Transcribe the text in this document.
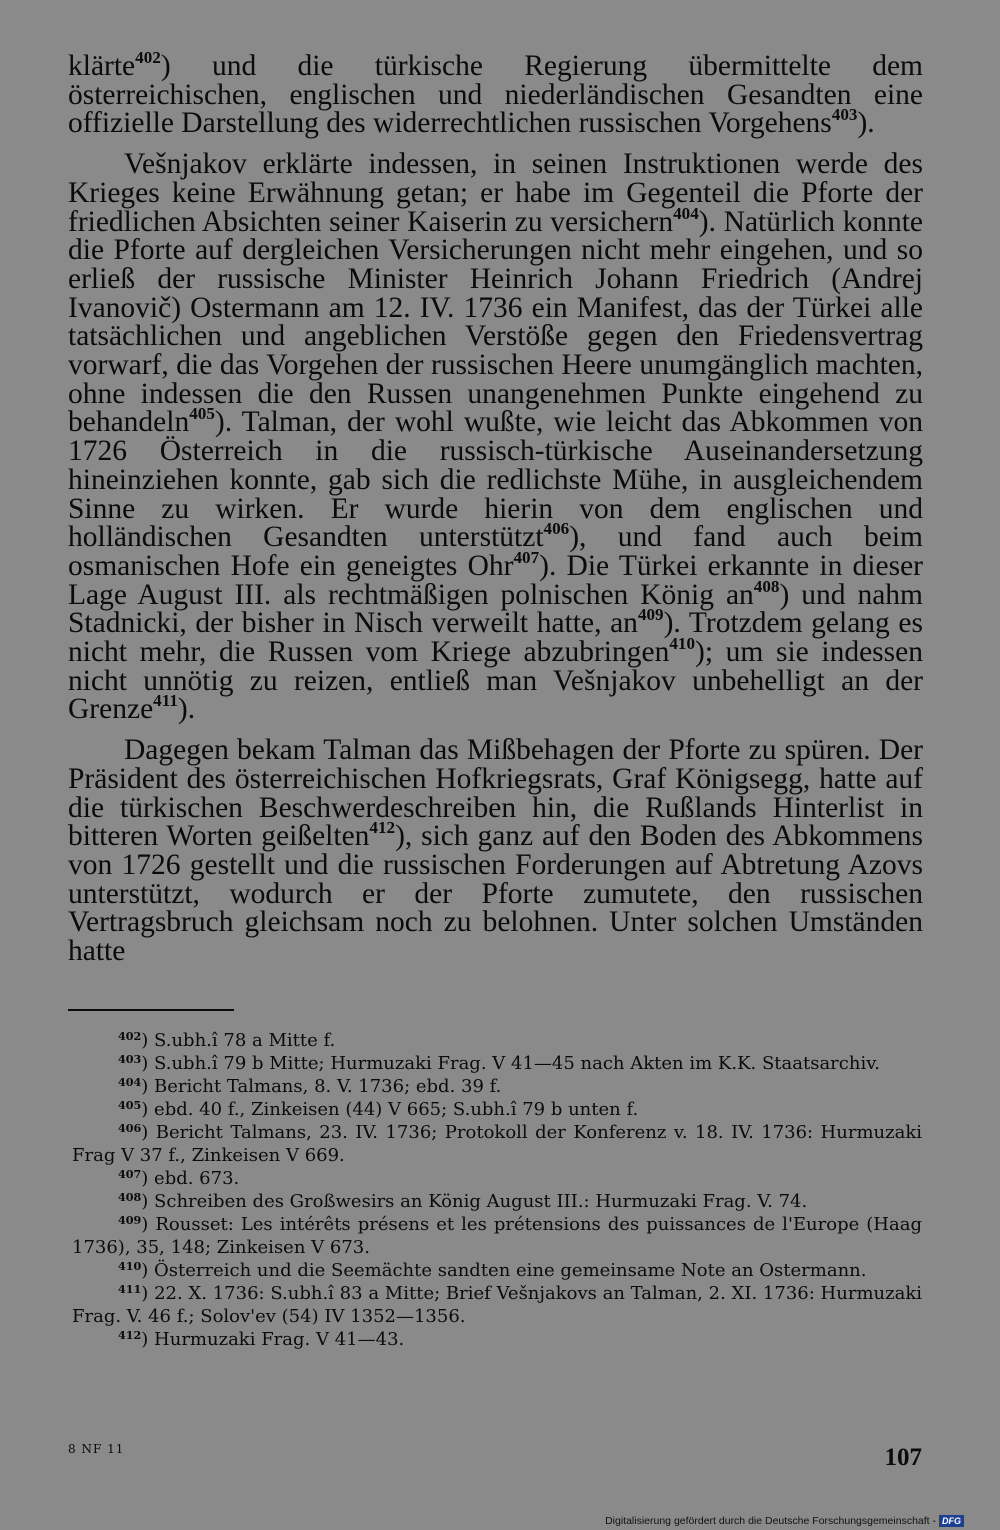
klärte$^{402}$) und die türkische Regierung übermittelte dem österreichischen, englischen und niederländischen Gesandten eine offizielle Darstellung des widerrechtlichen russischen Vorgehens$^{403}$).

Vešnjakov erklärte indessen, in seinen Instruktionen werde des Krieges keine Erwähnung getan; er habe im Gegenteil die Pforte der friedlichen Absichten seiner Kaiserin zu versichern$^{404}$). Natürlich konnte die Pforte auf dergleichen Versicherungen nicht mehr eingehen, und so erließ der russische Minister Heinrich Johann Friedrich (Andrej Ivanovič) Ostermann am 12. IV. 1736 ein Manifest, das der Türkei alle tatsächlichen und angeblichen Verstöße gegen den Friedensvertrag vorwarf, die das Vorgehen der russischen Heere unumgänglich machten, ohne indessen die den Russen unangenehmen Punkte eingehend zu behandeln$^{405}$). Talman, der wohl wußte, wie leicht das Abkommen von 1726 Österreich in die russisch-türkische Auseinandersetzung hineinziehen konnte, gab sich die redlichste Mühe, in ausgleichendem Sinne zu wirken. Er wurde hierin von dem englischen und holländischen Gesandten unterstützt$^{406}$), und fand auch beim osmanischen Hofe ein geneigtes Ohr$^{407}$). Die Türkei erkannte in dieser Lage August III. als rechtmäßigen polnischen König $an^{408}$) und nahm Stadnicki, der bisher in Nisch verweilt hatte, $an^{409}$). Trotzdem gelang es nicht mehr, die Russen vom Kriege abzubringen$^{410}$); um sie indessen nicht unnötig zu reizen, entließ man Vešnjakov unbehelligt an der Grenze$^{411}$).

Dagegen bekam Talman das Mißbehagen der Pforte zu spüren. Der Präsident des österreichischen Hofkriegsrats, Graf Königsegg, hatte auf die türkischen Beschwerdeschreiben hin, die Rußlands Hinterlist in bitteren Worten geißelten$^{412}$), sich ganz auf den Boden des Abkommens von 1726 gestellt und die russischen Forderungen auf Abtretung Azovs unterstützt, wodurch er der Pforte zumutete, den russischen Vertragsbruch gleichsam noch zu belohnen. Unter solchen Umständen hatte

$^{402}$) S.ubh.î 78 a Mitte f.

$^{403}$) S.ubh.î 79 b Mitte; Hurmuzaki Frag. V 41—45 nach Akten im K.K. Staatsarchiv.

$^{404}$) Bericht Talmans, 8. V. 1736; ebd. 39 f.

$^{405}$) ebd. 40 f., Zinkeisen (44) V 665; S.ubh.î 79 b unten f.

$^{406}$) Bericht Talmans, 23. IV. 1736; Protokoll der Konferenz v. 18. IV. 1736: Hurmuzaki Frag V 37 f., Zinkeisen V 669.

$^{407}$) ebd. 673.

$^{408}$) Schreiben des Großwesirs an König August III.: Hurmuzaki Frag. V. 74.

$^{409}$) Rousset: Les intérêts présens et les prétensions des puissances de l'Europe (Haag 1736), 35, 148; Zinkeisen V 673.

$^{410}$) Österreich und die Seemächte sandten eine gemeinsame Note an Ostermann.

$^{411}$) 22. X. 1736: S.ubh.î 83 a Mitte; Brief Vešnjakovs an Talman, 2. XI. 1736: Hurmuzaki Frag. V. 46 f.; Solov'ev (54) IV 1352—1356.

$^{412}$) Hurmuzaki Frag. V 41—43.

8 NF 11	107
Digitalisierung gefördert durch die Deutsche Forschungsgemeinschaft - DFG
